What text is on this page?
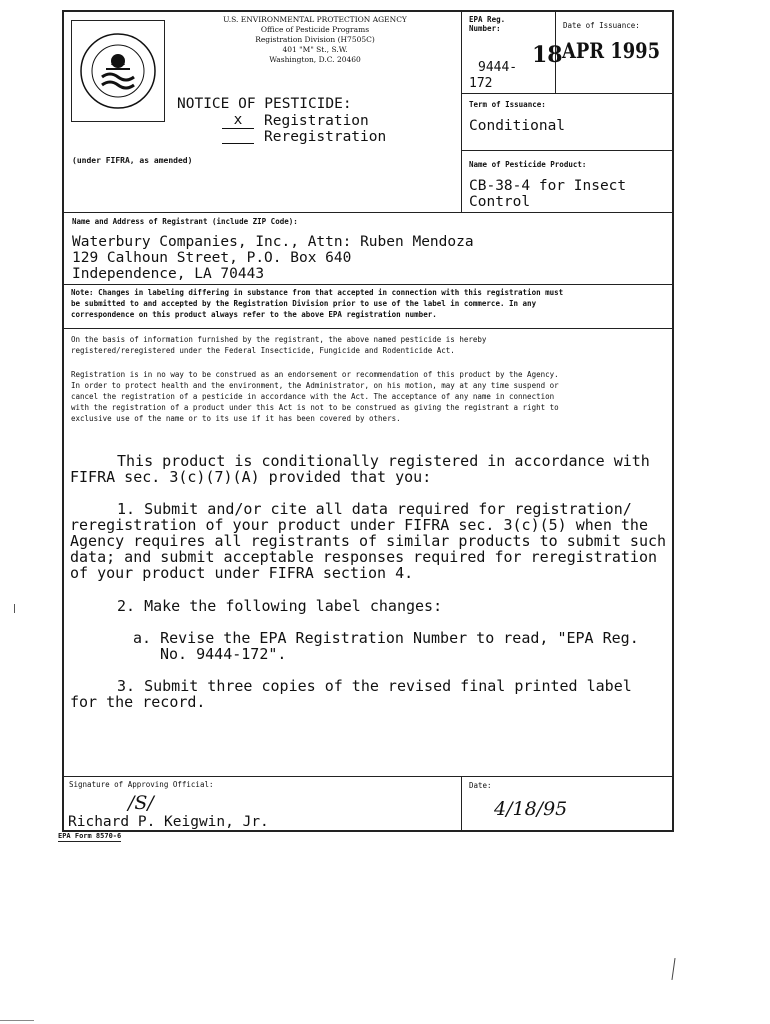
U.S. ENVIRONMENTAL PROTECTION AGENCY
Office of Pesticide Programs
Registration Division (H7505C)
401 "M" St., S.W.
Washington, D.C. 20460
NOTICE OF PESTICIDE:
x	Registration
Reregistration
(under FIFRA, as amended)
EPA Reg. Number:
9444-
172
Date of Issuance:
18 APR 1995
Term of Issuance:
Conditional
Name of Pesticide Product:
CB-38-4 for Insect
Control
Name and Address of Registrant (include ZIP Code):
Waterbury Companies, Inc., Attn: Ruben Mendoza
129 Calhoun Street, P.O. Box 640
Independence, LA 70443
Note: Changes in labeling differing in substance from that accepted in connection with this registration must
be submitted to and accepted by the Registration Division prior to use of the label in commerce. In any
correspondence on this product always refer to the above EPA registration number.
On the basis of information furnished by the registrant, the above named pesticide is hereby
registered/reregistered under the Federal Insecticide, Fungicide and Rodenticide Act.
Registration is in no way to be construed as an endorsement or recommendation of this product by the Agency.
In order to protect health and the environment, the Administrator, on his motion, may at any time suspend or
cancel the registration of a pesticide in accordance with the Act. The acceptance of any name in connection
with the registration of a product under this Act is not to be construed as giving the registrant a right to
exclusive use of the name or to its use if it has been covered by others.
This product is conditionally registered in accordance with
FIFRA sec. 3(c)(7)(A) provided that you:
1. Submit and/or cite all data required for registration/
reregistration of your product under FIFRA sec. 3(c)(5) when the
Agency requires all registrants of similar products to submit such
data; and submit acceptable responses required for reregistration
of your product under FIFRA section 4.
2. Make the following label changes:
a. Revise the EPA Registration Number to read, "EPA Reg.
No. 9444-172".
3. Submit three copies of the revised final printed label
for the record.
Signature of Approving Official:
/S/
Richard P. Keigwin, Jr.
Date:
4/18/95
EPA Form 8570-6
